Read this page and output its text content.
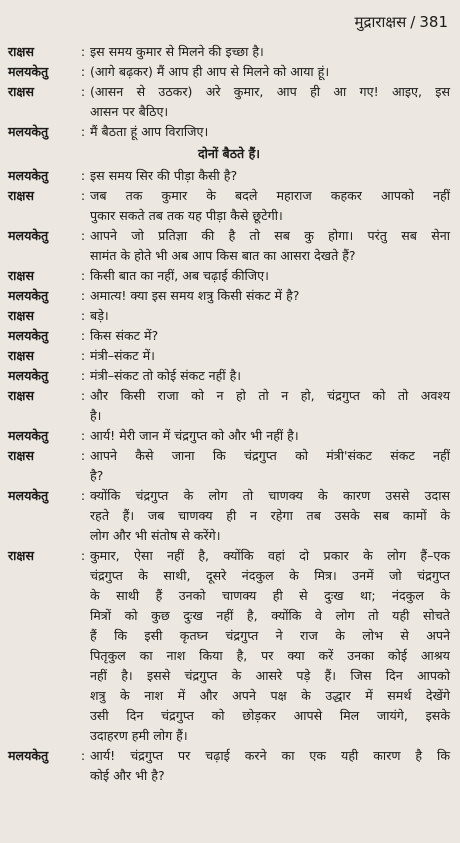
मुद्राराक्षस / 381
राक्षस	: इस समय कुमार से मिलने की इच्छा है।
मलयकेतु	: (आगे बढ़कर) मैं आप ही आप से मिलने को आया हूं।
राक्षस	: (आसन से उठकर) अरे कुमार, आप ही आ गए! आइए, इस
आसन पर बैठिए।
मलयकेतु	: मैं बैठता हूं आप विराजिए।
दोनों बैठते हैं।
मलयकेतु	: इस समय सिर की पीड़ा कैसी है?
राक्षस	: जब तक कुमार के बदले महाराज कहकर आपको नहीं
पुकार सकते तब तक यह पीड़ा कैसे छूटेगी।
मलयकेतु	: आपने जो प्रतिज्ञा की है तो सब कु होगा। परंतु सब सेना
सामंत के होते भी अब आप किस बात का आसरा देखते हैं?
राक्षस	: किसी बात का नहीं, अब चढ़ाई कीजिए।
मलयकेतु	: अमात्य! क्या इस समय शत्रु किसी संकट में है?
राक्षस	: बड़े।
मलयकेतु	: किस संकट में?
राक्षस	: मंत्री–संकट में।
मलयकेतु	: मंत्री–संकट तो कोई संकट नहीं है।
राक्षस	: और किसी राजा को न हो तो न हो, चंद्रगुप्त को तो अवश्य
है।
मलयकेतु	: आर्य! मेरी जान में चंद्रगुप्त को और भी नहीं है।
राक्षस	: आपने कैसे जाना कि चंद्रगुप्त को मंत्री'संकट संकट नहीं
है?
मलयकेतु	: क्योंकि चंद्रगुप्त के लोग तो चाणक्य के कारण उससे उदास
रहते हैं। जब चाणक्य ही न रहेगा तब उसके सब कामों के
लोग और भी संतोष से करेंगे।
राक्षस	: कुमार, ऐसा नहीं है, क्योंकि वहां दो प्रकार के लोग हैं–एक
चंद्रगुप्त के साथी, दूसरे नंदकुल के मित्र। उनमें जो चंद्रगुप्त
के साथी हैं उनको चाणक्य ही से दुःख था; नंदकुल के
मित्रों को कुछ दुःख नहीं है, क्योंकि वे लोग तो यही सोचते
हैं कि इसी कृतघ्न चंद्रगुप्त ने राज के लोभ से अपने
पितृकुल का नाश किया है, पर क्या करें उनका कोई आश्रय
नहीं है। इससे चंद्रगुप्त के आसरे पड़े हैं। जिस दिन आपको
शत्रु के नाश में और अपने पक्ष के उद्धार में समर्थ देखेंगे
उसी दिन चंद्रगुप्त को छोड़कर आपसे मिल जायंगे, इसके
उदाहरण हमी लोग हैं।
मलयकेतु	: आर्य! चंद्रगुप्त पर चढ़ाई करने का एक यही कारण है कि
कोई और भी है?
